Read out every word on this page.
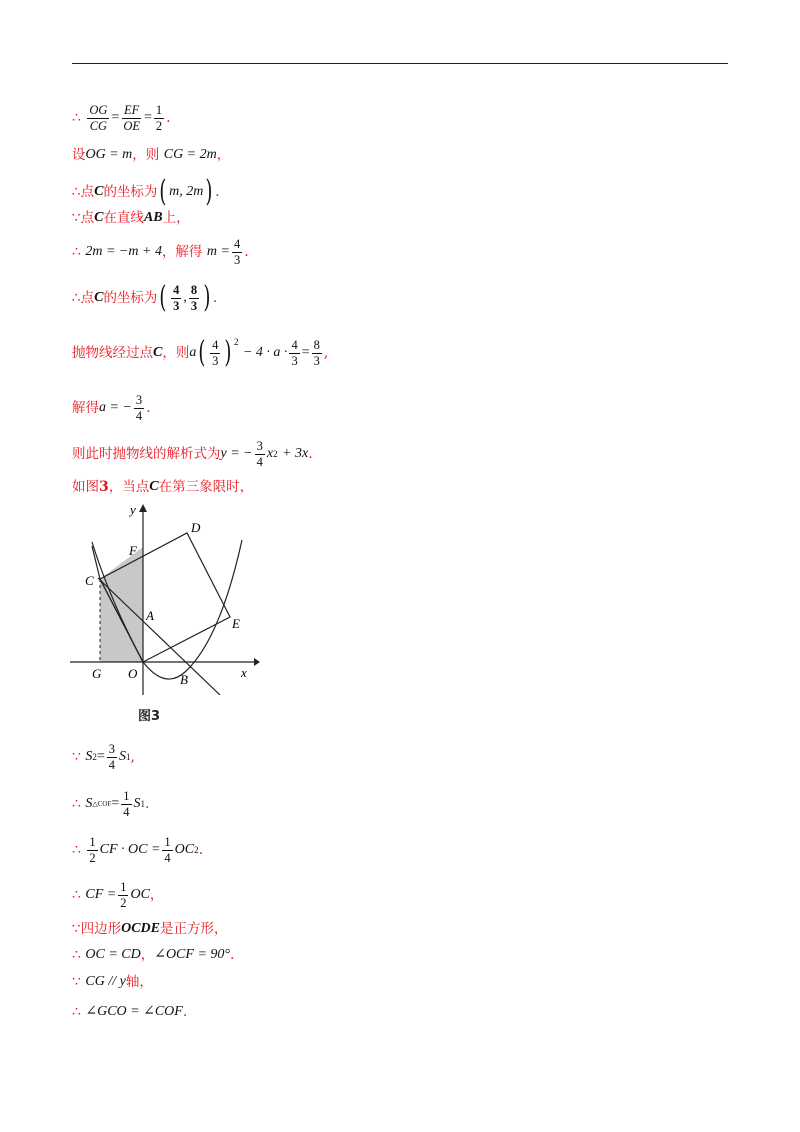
∴
$\frac{OG}{CG} = \frac{EF}{OE} = \frac{1}{2}$ .
设 OG = m ，则
CG = 2m ，
∴点 C 的坐标为 ( m, 2m ) .
∵点 C 在直线 AB 上，
∴
2m = −m + 4 ，解得
$m = \frac{4}{3}$ .
∴点 C 的坐标为 ( $\frac{4}{3}$ , $\frac{8}{3}$ ) .
抛物线经过点 C ，则 a ( $\frac{4}{3}$ ) 2

− $4 \cdot a \cdot \frac{4}{3} = \frac{8}{3}$ ,
解得 a = − $\frac{3}{4}$ .
则此时抛物线的解析式为 y = − $\frac{3}{4}$ x 2
+ 3x .
如图 3 ，当点 C 在第三象限时，
y
x
D
F
C
A
E
G O	B
图3
∵
S $2 = \frac{3}{4}$ S 1 ,
∴
S △COF = $\frac{1}{4}$ S 1 .
∴
$\frac{1}{2}$ CF · OC = $\frac{1}{4}$ OC 2 .
∴
CF = $\frac{1}{2}$ OC ，
∵四边形 OCDE 是正方形，
∴
OC = CD ， ∠OCF = 90° .
∵
CG // y 轴，
∴
∠GCO = ∠COF .
